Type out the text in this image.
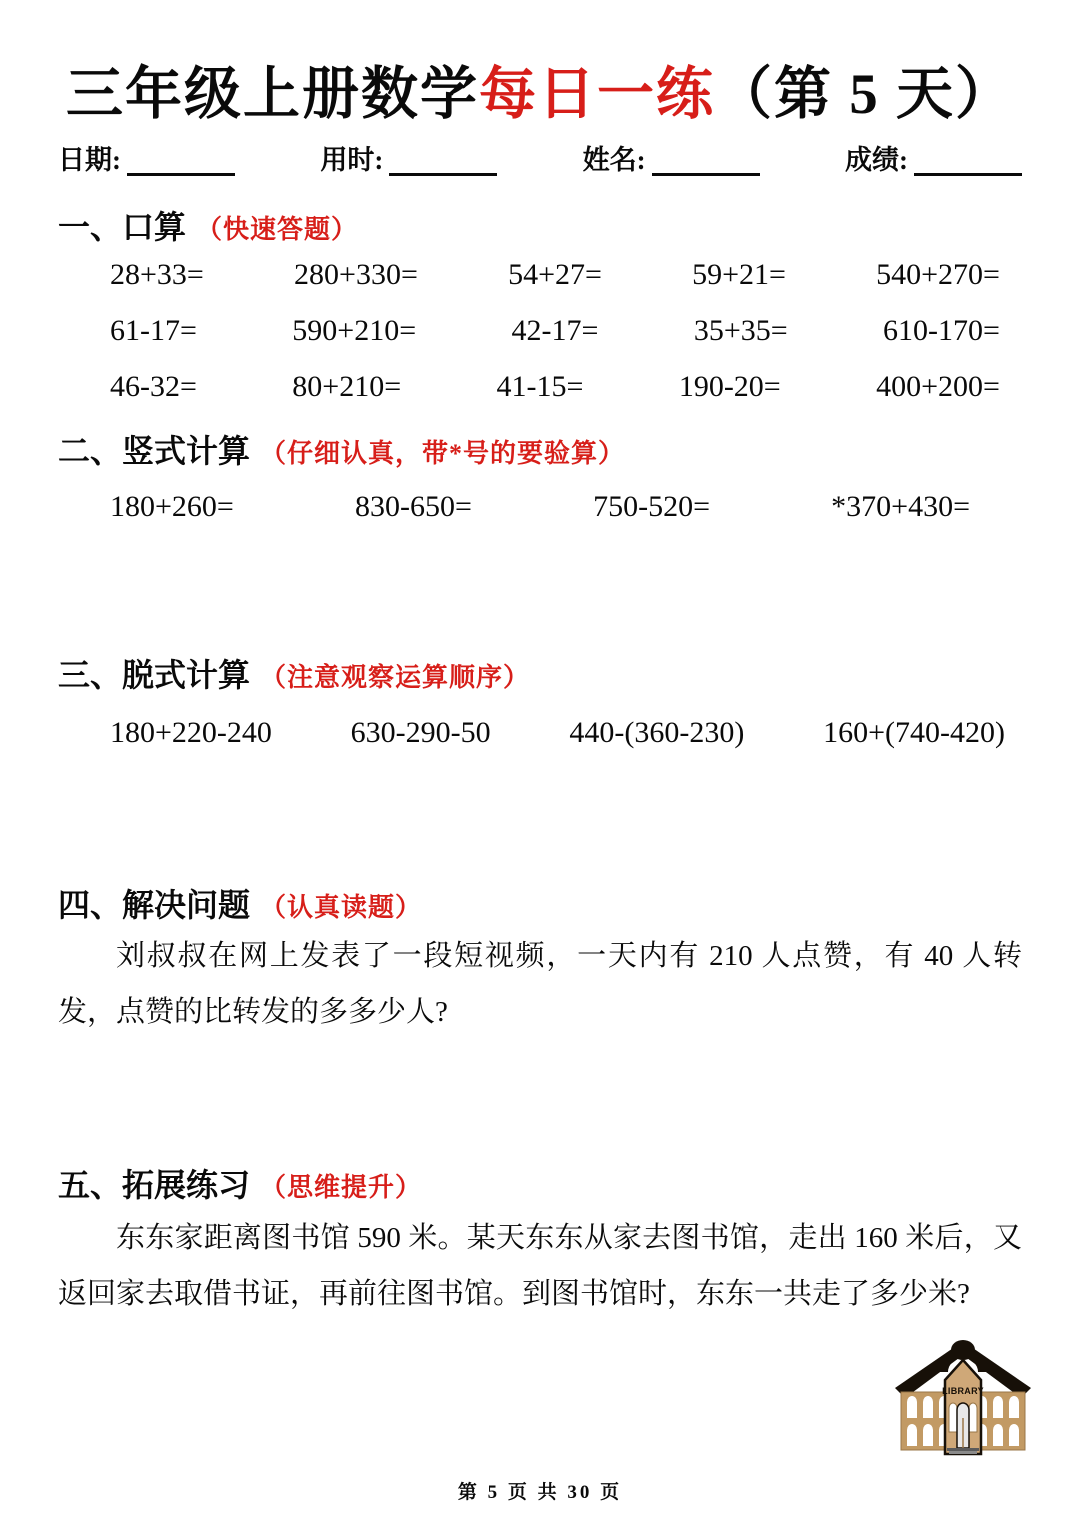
三年级上册数学每日一练（第 5 天）
日期:	用时:	姓名:	成绩:
一、口算 （快速答题）
28+33=	280+330=	54+27=	59+21=	540+270=
61-17=	590+210=	42-17=	35+35=	610-170=
46-32=	80+210=	41-15=	190-20=	400+200=
二、竖式计算 （仔细认真，带*号的要验算）
180+260=	830-650=	750-520=	*370+430=
三、脱式计算 （注意观察运算顺序）
180+220-240	630-290-50	440-(360-230)	160+(740-420)
四、解决问题 （认真读题）
刘叔叔在网上发表了一段短视频，一天内有 210 人点赞，有 40 人转发，点赞的比转发的多多少人?
五、拓展练习 （思维提升）
东东家距离图书馆 590 米。某天东东从家去图书馆，走出 160 米后，又返回家去取借书证，再前往图书馆。到图书馆时，东东一共走了多少米?
LIBRARY
第 5 页 共 30 页
